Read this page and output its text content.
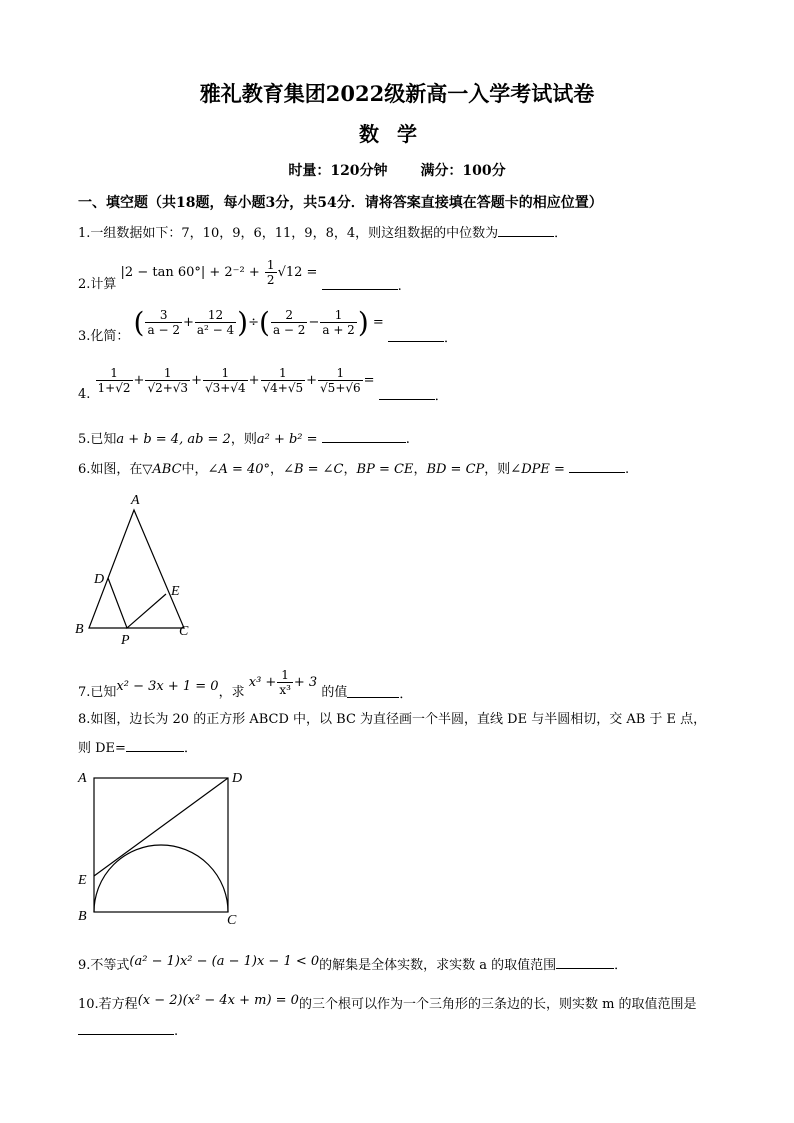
雅礼教育集团2022级新高一入学考试试卷
数学
时量：120分钟 满分：100分
一、填空题（共18题，每小题3分，共54分．请将答案直接填在答题卡的相应位置）
1.一组数据如下：7，10，9，6，11，9，8，4，则这组数据的中位数为	．
2.计算 $|2 - \tan 60^\circ| + 2^{-2} + \frac{1}{2} √12$ = .
3.化简： ( $\frac{3}{a - 2} + \frac{12}{\text{a² − 4}}$ )÷( $\frac{2}{a - 2} - \frac{1}{a + 2}$ ) = ．
4. $\frac{1}{1+√2} + \frac{1}{√2+√3} + \frac{1}{√3+√4} + \frac{1}{√4+√5} + \frac{1}{√5+√6}$ = ．
5.已知a + b = 4, ab = 2，则a² + b² =	.
6.如图，在▽ABC中，∠A = 40°，∠B = ∠C，BP = CE，BD = CP，则∠DPE =	.
A
D
E
B
P
C
7.已知x² − 3x + 1 = 0，求 $x^3 + \frac{1}{\text{x³}} + 3$ 的值	．
8.如图，边长为 20 的正方形 ABCD 中，以 BC 为直径画一个半圆，直线 DE 与半圆相切，交 AB 于 E 点，
则 DE=	．
A	D
E
B	C
9.不等式(a² − 1)x² − (a − 1)x − 1 < 0的解集是全体实数，求实数 a 的取值范围	．
10.若方程(x − 2)(x² − 4x + m) = 0的三个根可以作为一个三角形的三条边的长，则实数 m 的取值范围是
.
